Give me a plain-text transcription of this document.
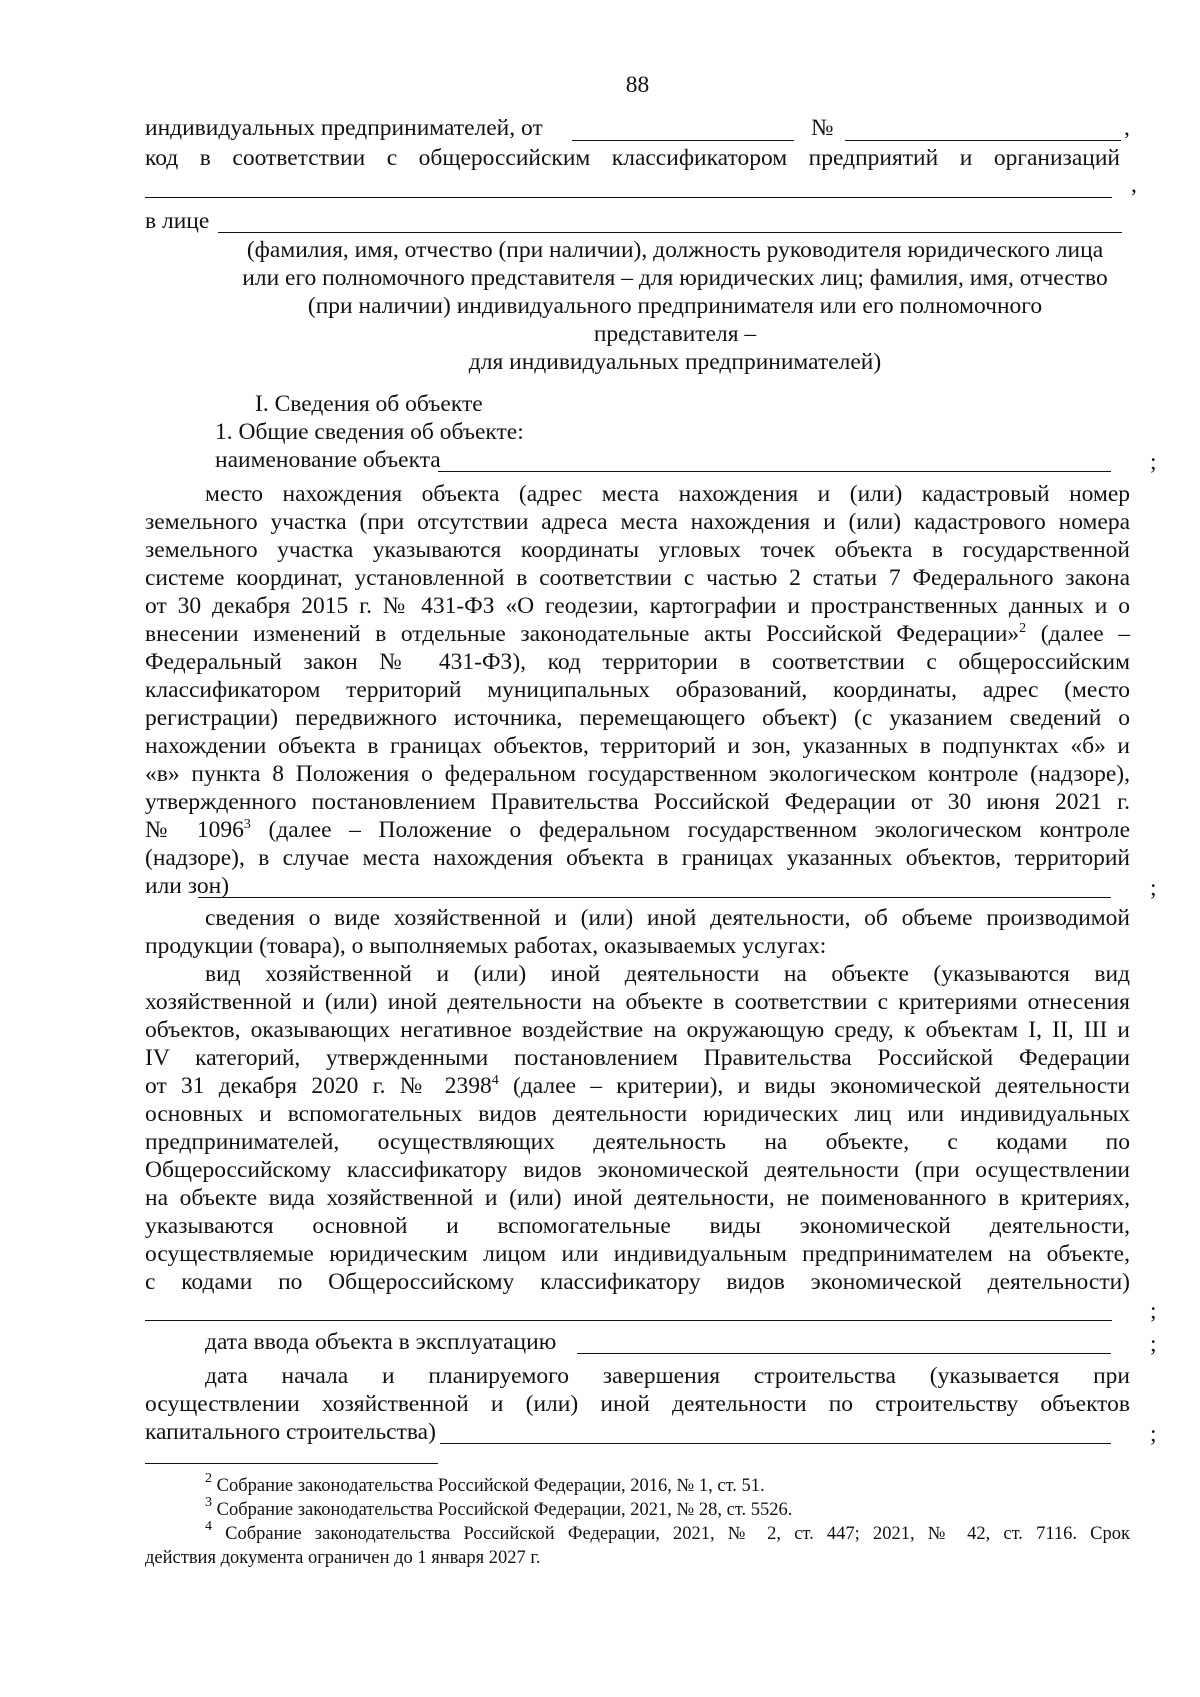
88
индивидуальных предпринимателей, от	№	,
код в соответствии с общероссийским классификатором предприятий и организаций
,
в лице
(фамилия, имя, отчество (при наличии), должность руководителя юридического лица
или его полномочного представителя – для юридических лиц; фамилия, имя, отчество
(при наличии) индивидуального предпринимателя или его полномочного
представителя –
для индивидуальных предпринимателей)
I. Сведения об объекте
1. Общие сведения об объекте:
наименование объекта	;
место нахождения объекта (адрес места нахождения и (или) кадастровый номер
земельного участка (при отсутствии адреса места нахождения и (или) кадастрового номера
земельного участка указываются координаты угловых точек объекта в государственной
системе координат, установленной в соответствии с частью 2 статьи 7 Федерального закона
от 30 декабря 2015 г. № 431-ФЗ «О геодезии, картографии и пространственных данных и о
внесении изменений в отдельные законодательные акты Российской Федерации»$^2$ (далее –
Федеральный закон № 431-ФЗ), код территории в соответствии с общероссийским
классификатором территорий муниципальных образований, координаты, адрес (место
регистрации) передвижного источника, перемещающего объект) (с указанием сведений о
нахождении объекта в границах объектов, территорий и зон, указанных в подпунктах «б» и
«в» пункта 8 Положения о федеральном государственном экологическом контроле (надзоре),
утвержденного постановлением Правительства Российской Федерации от 30 июня 2021 г.
№ 1096$^3$ (далее – Положение о федеральном государственном экологическом контроле
(надзоре), в случае места нахождения объекта в границах указанных объектов, территорий
или зон)	;
сведения о виде хозяйственной и (или) иной деятельности, об объеме производимой
продукции (товара), о выполняемых работах, оказываемых услугах:
вид хозяйственной и (или) иной деятельности на объекте (указываются вид
хозяйственной и (или) иной деятельности на объекте в соответствии с критериями отнесения
объектов, оказывающих негативное воздействие на окружающую среду, к объектам I, II, III и
IV категорий, утвержденными постановлением Правительства Российской Федерации
от 31 декабря 2020 г. № 2398$^4$ (далее – критерии), и виды экономической деятельности
основных и вспомогательных видов деятельности юридических лиц или индивидуальных
предпринимателей, осуществляющих деятельность на объекте, с кодами по
Общероссийскому классификатору видов экономической деятельности (при осуществлении
на объекте вида хозяйственной и (или) иной деятельности, не поименованного в критериях,
указываются основной и вспомогательные виды экономической деятельности,
осуществляемые юридическим лицом или индивидуальным предпринимателем на объекте,
с кодами по Общероссийскому классификатору видов экономической деятельности)
;
дата ввода объекта в эксплуатацию	;
дата начала и планируемого завершения строительства (указывается при
осуществлении хозяйственной и (или) иной деятельности по строительству объектов
капитального строительства)	;
$^2$ Собрание законодательства Российской Федерации, 2016, № 1, ст. 51.
$^3$ Собрание законодательства Российской Федерации, 2021, № 28, ст. 5526.
$^4$ Собрание законодательства Российской Федерации, 2021, № 2, ст. 447; 2021, № 42, ст. 7116. Срок
действия документа ограничен до 1 января 2027 г.
